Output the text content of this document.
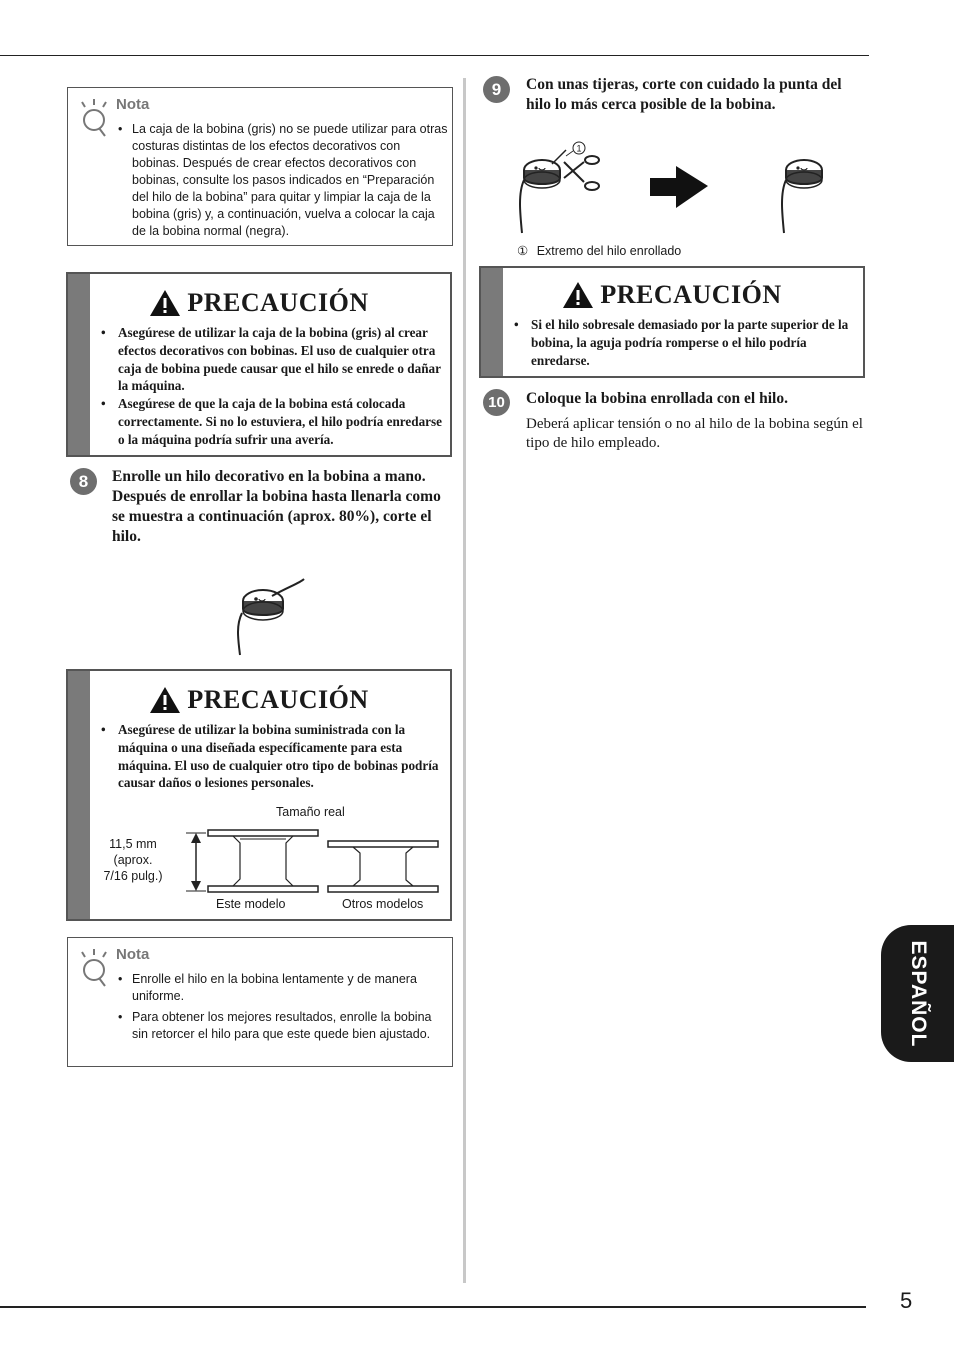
5
ESPAÑOL
Nota
• La caja de la bobina (gris) no se puede utilizar para otras costuras distintas de los efectos decorativos con bobinas. Después de crear efectos decorativos con bobinas, consulte los pasos indicados en “Preparación del hilo de la bobina” para quitar y limpiar la caja de la bobina (gris) y, a continuación, vuelva a colocar la caja de la bobina normal (negra).
PRECAUCIÓN
• Asegúrese de utilizar la caja de la bobina (gris) al crear efectos decorativos con bobinas. El uso de cualquier otra caja de bobina puede causar que el hilo se enrede o dañar la máquina.
• Asegúrese de que la caja de la bobina está colocada correctamente. Si no lo estuviera, el hilo podría enredarse o la máquina podría sufrir una avería.
8	Enrolle un hilo decorativo en la bobina a mano. Después de enrollar la bobina hasta llenarla como se muestra a continuación (aprox. 80%), corte el hilo.
PRECAUCIÓN
• Asegúrese de utilizar la bobina suministrada con la máquina o una diseñada específicamente para esta máquina. El uso de cualquier otro tipo de bobinas podría causar daños o lesiones personales.
Tamaño real
11,5 mm
(aprox.
7/16 pulg.)
Este modelo	Otros modelos
Nota
• Enrolle el hilo en la bobina lentamente y de manera uniforme.
• Para obtener los mejores resultados, enrolle la bobina sin retorcer el hilo para que este quede bien ajustado.
9	Con unas tijeras, corte con cuidado la punta del hilo lo más cerca posible de la bobina.
1
① Extremo del hilo enrollado
PRECAUCIÓN
• Si el hilo sobresale demasiado por la parte superior de la bobina, la aguja podría romperse o el hilo podría enredarse.
10	Coloque la bobina enrollada con el hilo.
Deberá aplicar tensión o no al hilo de la bobina según el tipo de hilo empleado.
